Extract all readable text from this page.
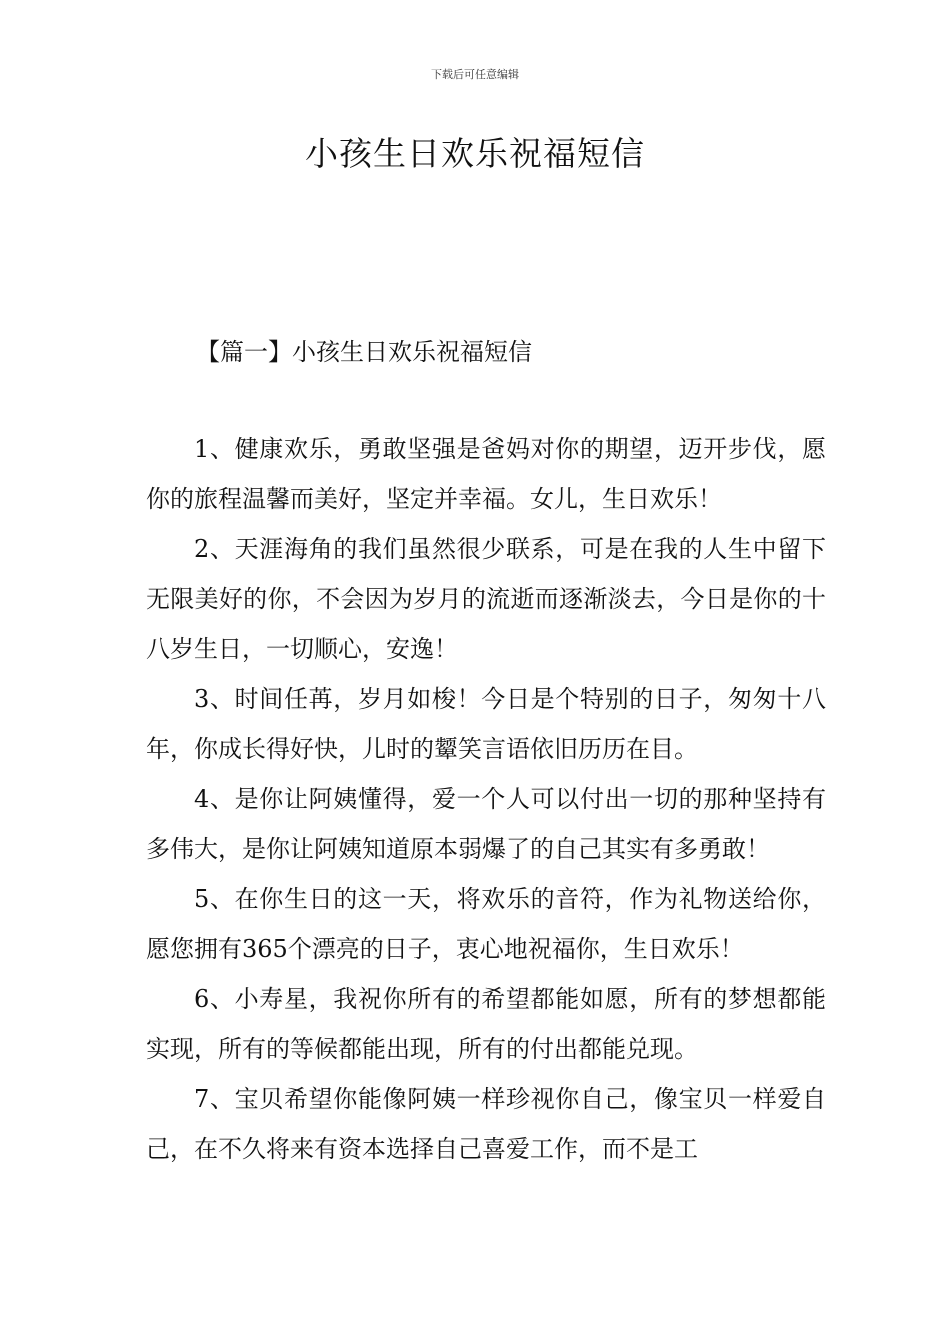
下载后可任意编辑
小孩生日欢乐祝福短信
【篇一】小孩生日欢乐祝福短信

1、健康欢乐，勇敢坚强是爸妈对你的期望，迈开步伐，愿你的旅程温馨而美好，坚定并幸福。女儿，生日欢乐！

2、天涯海角的我们虽然很少联系，可是在我的人生中留下无限美好的你，不会因为岁月的流逝而逐渐淡去，今日是你的十八岁生日，一切顺心，安逸！

3、时间任苒，岁月如梭！今日是个特别的日子，匆匆十八年，你成长得好快，儿时的颦笑言语依旧历历在目。

4、是你让阿姨懂得，爱一个人可以付出一切的那种坚持有多伟大，是你让阿姨知道原本弱爆了的自己其实有多勇敢！

5、在你生日的这一天，将欢乐的音符，作为礼物送给你，愿您拥有365个漂亮的日子，衷心地祝福你，生日欢乐！

6、小寿星，我祝你所有的希望都能如愿，所有的梦想都能实现，所有的等候都能出现，所有的付出都能兑现。

7、宝贝希望你能像阿姨一样珍视你自己，像宝贝一样爱自己，在不久将来有资本选择自己喜爱工作，而不是工
